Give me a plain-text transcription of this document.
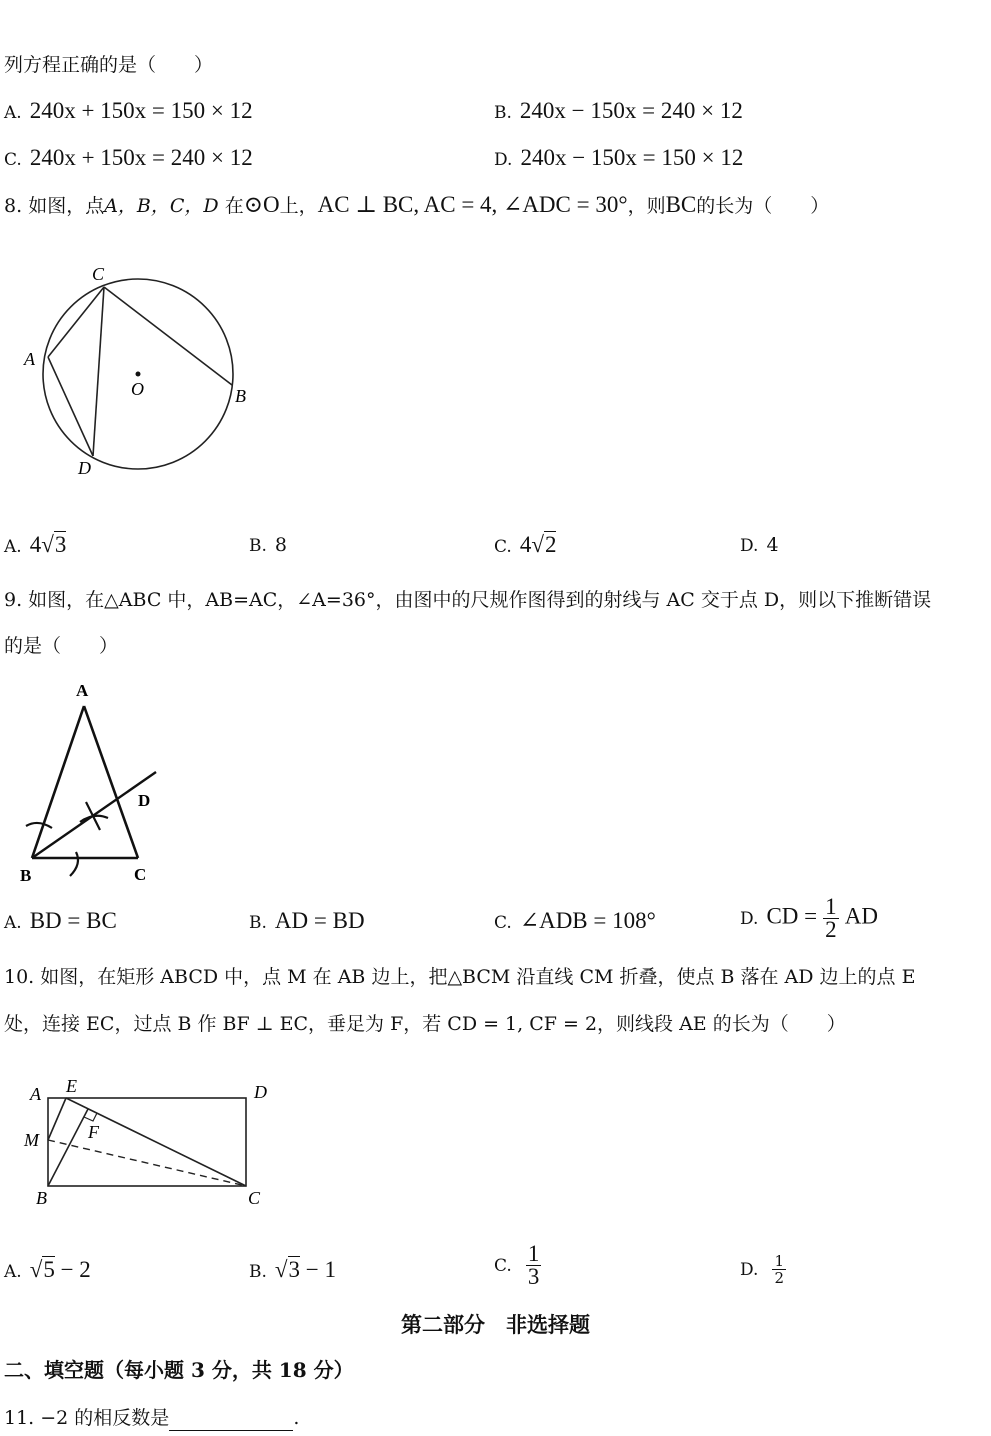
列方程正确的是（　　）
A. 240x + 150x = 150 × 12	B. 240x − 150x = 240 × 12
C. 240x + 150x = 240 × 12	D. 240x − 150x = 150 × 12
8. 如图，点A，B，C，D 在⊙O上，AC ⊥ BC, AC = 4, ∠ADC = 30°，则BC的长为（　　）
C
A
O	B
D
A. 4√3	B. 8	C. 4√2	D. 4
9. 如图，在△ABC 中，AB=AC，∠A=36°，由图中的尺规作图得到的射线与 AC 交于点 D，则以下推断错误
的是（　　）
A
D
B	C
A. BD = BC	B. AD = BD	C. ∠ADB = 108°	D. CD = $\frac{1}{2}$ AD
10. 如图，在矩形 ABCD 中，点 M 在 AB 边上，把△BCM 沿直线 CM 折叠，使点 B 落在 AD 边上的点 E
处，连接 EC，过点 B 作 BF ⊥ EC，垂足为 F，若 CD = 1, CF = 2，则线段 AE 的长为（　　）
A E	D
F
M
B	C
A. √5 − 2	B. √3 − 1	C. $\frac{1}{3}$	D. $\frac{1}{2}$
第二部分　非选择题
二、填空题（每小题 3 分，共 18 分）
11. −2 的相反数是	.
